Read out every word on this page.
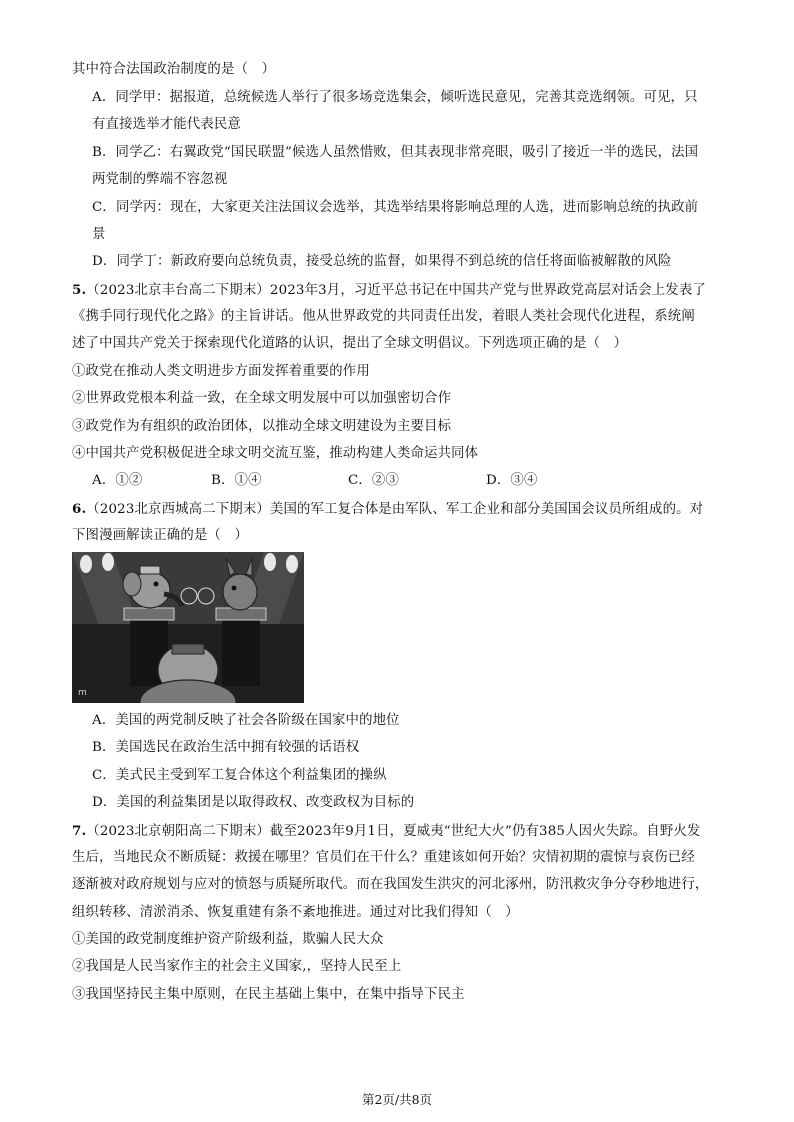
其中符合法国政治制度的是（　）
A．同学甲：据报道，总统候选人举行了很多场竞选集会，倾听选民意见，完善其竞选纲领。可见，只
有直接选举才能代表民意
B．同学乙：右翼政党“国民联盟”候选人虽然惜败，但其表现非常亮眼，吸引了接近一半的选民，法国
两党制的弊端不容忽视
C．同学丙：现在，大家更关注法国议会选举，其选举结果将影响总理的人选，进而影响总统的执政前
景
D．同学丁：新政府要向总统负责，接受总统的监督，如果得不到总统的信任将面临被解散的风险
5.（2023北京丰台高二下期末）2023年3月，习近平总书记在中国共产党与世界政党高层对话会上发表了
《携手同行现代化之路》的主旨讲话。他从世界政党的共同责任出发，着眼人类社会现代化进程，系统阐
述了中国共产党关于探索现代化道路的认识，提出了全球文明倡议。下列选项正确的是（　）
①政党在推动人类文明进步方面发挥着重要的作用
②世界政党根本利益一致，在全球文明发展中可以加强密切合作
③政党作为有组织的政治团体，以推动全球文明建设为主要目标
④中国共产党积极促进全球文明交流互鉴，推动构建人类命运共同体
A．①②	B．①④	C．②③	D．③④
6.（2023北京西城高二下期末）美国的军工复合体是由军队、军工企业和部分美国国会议员所组成的。对
下图漫画解读正确的是（　）
m
A．美国的两党制反映了社会各阶级在国家中的地位
B．美国选民在政治生活中拥有较强的话语权
C．美式民主受到军工复合体这个利益集团的操纵
D．美国的利益集团是以取得政权、改变政权为目标的
7.（2023北京朝阳高二下期末）截至2023年9月1日，夏威夷“世纪大火”仍有385人因火失踪。自野火发
生后，当地民众不断质疑：救援在哪里？官员们在干什么？重建该如何开始？灾情初期的震惊与哀伤已经
逐渐被对政府规划与应对的愤怒与质疑所取代。而在我国发生洪灾的河北涿州，防汛救灾争分夺秒地进行，
组织转移、清淤消杀、恢复重建有条不紊地推进。通过对比我们得知（　）
①美国的政党制度维护资产阶级利益，欺骗人民大众
②我国是人民当家作主的社会主义国家,，坚持人民至上
③我国坚持民主集中原则，在民主基础上集中，在集中指导下民主
第2页/共8页
